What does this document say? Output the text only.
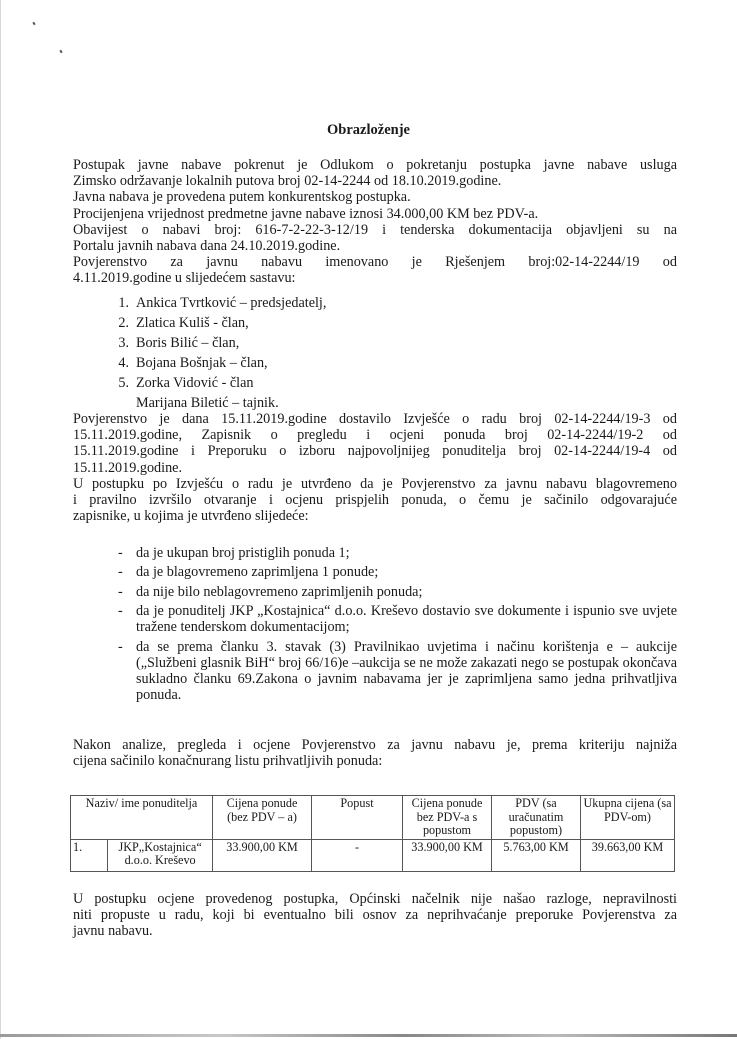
Obrazloženje

Postupak javne nabave pokrenut je Odlukom o pokretanju postupka javne nabave usluga

Zimsko održavanje lokalnih putova broj 02-14-2244 od 18.10.2019.godine.

Javna nabava je provedena putem konkurentskog postupka.

Procijenjena vrijednost predmetne javne nabave iznosi 34.000,00 KM bez PDV-a.

Obavijest o nabavi broj: 616-7-2-22-3-12/19 i tenderska dokumentacija objavljeni su na

Portalu javnih nabava dana 24.10.2019.godine.

Povjerenstvo za javnu nabavu imenovano je Rješenjem broj:02-14-2244/19 od

4.11.2019.godine u slijedećem sastavu:

1. Ankica Tvrtković – predsjedatelj,
2. Zlatica Kuliš - član,
3. Boris Bilić – član,
4. Bojana Bošnjak – član,
5. Zorka Vidović - član
Marijana Biletić – tajnik.

Povjerenstvo je dana 15.11.2019.godine dostavilo Izvješće o radu broj 02-14-2244/19-3 od

15.11.2019.godine, Zapisnik o pregledu i ocjeni ponuda broj 02-14-2244/19-2 od

15.11.2019.godine i Preporuku o izboru najpovoljnijeg ponuditelja broj 02-14-2244/19-4 od

15.11.2019.godine.

U postupku po Izvješću o radu je utvrđeno da je Povjerenstvo za javnu nabavu blagovremeno

i pravilno izvršilo otvaranje i ocjenu prispjelih ponuda, o čemu je sačinilo odgovarajuće

zapisnike, u kojima je utvrđeno slijedeće:

- da je ukupan broj pristiglih ponuda 1;
- da je blagovremeno zaprimljena 1 ponude;
- da nije bilo neblagovremeno zaprimljenih ponuda;
- da je ponuditelj JKP „Kostajnica“ d.o.o. Kreševo dostavio sve dokumente i ispunio sve uvjete tražene tenderskom dokumentacijom;
- da se prema članku 3. stavak (3) Pravilnikao uvjetima i načinu korištenja e – aukcije („Službeni glasnik BiH“ broj 66/16)e –aukcija se ne može zakazati nego se postupak okončava sukladno članku 69.Zakona o javnim nabavama jer je zaprimljena samo jedna prihvatljiva ponuda.

Nakon analize, pregleda i ocjene Povjerenstvo za javnu nabavu je, prema kriteriju najniža

cijena sačinilo konačnurang listu prihvatljivih ponuda:

Naziv/ ime ponuditelja		Cijena ponude (bez PDV – a)	Popust	Cijena ponude bez PDV-a s popustom	PDV (sa uračunatim popustom)	Ukupna cijena (sa PDV-om)
1.	JKP„Kostajnica“ d.o.o. Kreševo	33.900,00 KM	-	33.900,00 KM	5.763,00 KM	39.663,00 KM

U postupku ocjene provedenog postupka, Općinski načelnik nije našao razloge, nepravilnosti

niti propuste u radu, koji bi eventualno bili osnov za neprihvaćanje preporuke Povjerenstva za

javnu nabavu.
